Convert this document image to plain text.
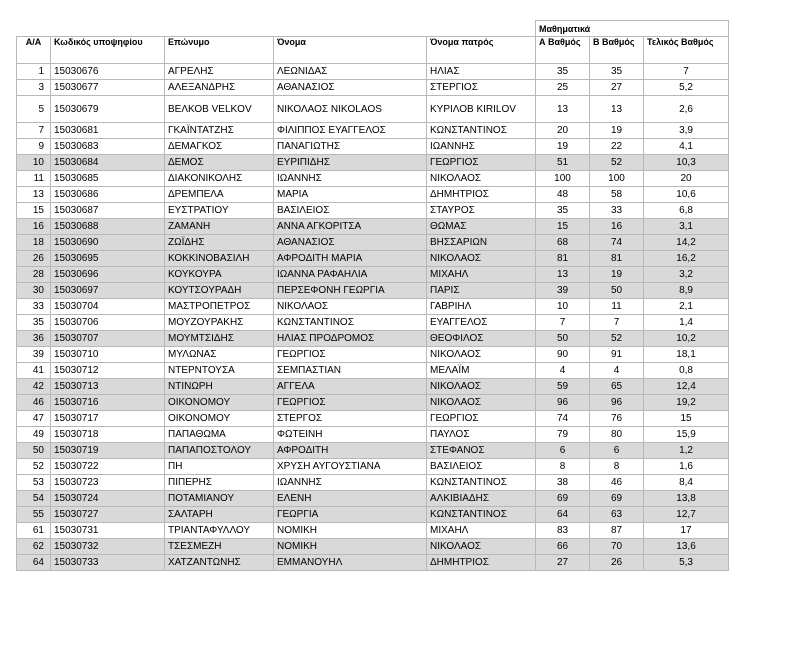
					Μαθηματικά		
Α/Α	Κωδικός υποψηφίου	Επώνυμο	Όνομα	Όνομα πατρός	Α Βαθμός	Β Βαθμός	Τελικός Βαθμός
1	15030676	ΑΓΡΕΛΗΣ	ΛΕΩΝΙΔΑΣ	ΗΛΙΑΣ	35	35	7
3	15030677	ΑΛΕΞΑΝΔΡΗΣ	ΑΘΑΝΑΣΙΟΣ	ΣΤΕΡΓΙΟΣ	25	27	5,2
5	15030679	ΒΕΛΚΟΒ VELKOV	ΝΙΚΟΛΑΟΣ NIKOLAOS	ΚΥΡΙΛΟΒ KIRILOV	13	13	2,6
7	15030681	ΓΚΑΪΝΤΑΤΖΗΣ	ΦΙΛΙΠΠΟΣ ΕΥΑΓΓΕΛΟΣ	ΚΩΝΣΤΑΝΤΙΝΟΣ	20	19	3,9
9	15030683	ΔΕΜΑΓΚΟΣ	ΠΑΝΑΓΙΩΤΗΣ	ΙΩΑΝΝΗΣ	19	22	4,1
10	15030684	ΔΕΜΟΣ	ΕΥΡΙΠΙΔΗΣ	ΓΕΩΡΓΙΟΣ	51	52	10,3
11	15030685	ΔΙΑΚΟΝΙΚΟΛΗΣ	ΙΩΑΝΝΗΣ	ΝΙΚΟΛΑΟΣ	100	100	20
13	15030686	ΔΡΕΜΠΕΛΑ	ΜΑΡΙΑ	ΔΗΜΗΤΡΙΟΣ	48	58	10,6
15	15030687	ΕΥΣΤΡΑΤΙΟΥ	ΒΑΣΙΛΕΙΟΣ	ΣΤΑΥΡΟΣ	35	33	6,8
16	15030688	ΖΑΜΑΝΗ	ΑΝΝΑ ΑΓΚΟΡΙΤΣΑ	ΘΩΜΑΣ	15	16	3,1
18	15030690	ΖΩΪΔΗΣ	ΑΘΑΝΑΣΙΟΣ	ΒΗΣΣΑΡΙΩΝ	68	74	14,2
26	15030695	ΚΟΚΚΙΝΟΒΑΣΙΛΗ	ΑΦΡΟΔΙΤΗ ΜΑΡΙΑ	ΝΙΚΟΛΑΟΣ	81	81	16,2
28	15030696	ΚΟΥΚΟΥΡΑ	ΙΩΑΝΝΑ ΡΑΦΑΗΛΙΑ	ΜΙΧΑΗΛ	13	19	3,2
30	15030697	ΚΟΥΤΣΟΥΡΑΔΗ	ΠΕΡΣΕΦΟΝΗ ΓΕΩΡΓΙΑ	ΠΑΡΙΣ	39	50	8,9
33	15030704	ΜΑΣΤΡΟΠΕΤΡΟΣ	ΝΙΚΟΛΑΟΣ	ΓΑΒΡΙΗΛ	10	11	2,1
35	15030706	ΜΟΥΖΟΥΡΑΚΗΣ	ΚΩΝΣΤΑΝΤΙΝΟΣ	ΕΥΑΓΓΕΛΟΣ	7	7	1,4
36	15030707	ΜΟΥΜΤΣΙΔΗΣ	ΗΛΙΑΣ ΠΡΟΔΡΟΜΟΣ	ΘΕΟΦΙΛΟΣ	50	52	10,2
39	15030710	ΜΥΛΩΝΑΣ	ΓΕΩΡΓΙΟΣ	ΝΙΚΟΛΑΟΣ	90	91	18,1
41	15030712	ΝΤΕΡΝΤΟΥΣΑ	ΣΕΜΠΑΣΤΙΑΝ	ΜΕΛΑΪΜ	4	4	0,8
42	15030713	ΝΤΙΝΩΡΗ	ΑΓΓΕΛΑ	ΝΙΚΟΛΑΟΣ	59	65	12,4
46	15030716	ΟΙΚΟΝΟΜΟΥ	ΓΕΩΡΓΙΟΣ	ΝΙΚΟΛΑΟΣ	96	96	19,2
47	15030717	ΟΙΚΟΝΟΜΟΥ	ΣΤΕΡΓΟΣ	ΓΕΩΡΓΙΟΣ	74	76	15
49	15030718	ΠΑΠΑΘΩΜΑ	ΦΩΤΕΙΝΗ	ΠΑΥΛΟΣ	79	80	15,9
50	15030719	ΠΑΠΑΠΟΣΤΟΛΟΥ	ΑΦΡΟΔΙΤΗ	ΣΤΕΦΑΝΟΣ	6	6	1,2
52	15030722	ΠΗ	ΧΡΥΣΗ ΑΥΓΟΥΣΤΙΑΝΑ	ΒΑΣΙΛΕΙΟΣ	8	8	1,6
53	15030723	ΠΙΠΕΡΗΣ	ΙΩΑΝΝΗΣ	ΚΩΝΣΤΑΝΤΙΝΟΣ	38	46	8,4
54	15030724	ΠΟΤΑΜΙΑΝΟΥ	ΕΛΕΝΗ	ΑΛΚΙΒΙΑΔΗΣ	69	69	13,8
55	15030727	ΣΑΛΤΑΡΗ	ΓΕΩΡΓΙΑ	ΚΩΝΣΤΑΝΤΙΝΟΣ	64	63	12,7
61	15030731	ΤΡΙΑΝΤΑΦΥΛΛΟΥ	ΝΟΜΙΚΗ	ΜΙΧΑΗΛ	83	87	17
62	15030732	ΤΣΕΣΜΕΖΗ	ΝΟΜΙΚΗ	ΝΙΚΟΛΑΟΣ	66	70	13,6
64	15030733	ΧΑΤΖΑΝΤΩΝΗΣ	ΕΜΜΑΝΟΥΗΛ	ΔΗΜΗΤΡΙΟΣ	27	26	5,3
